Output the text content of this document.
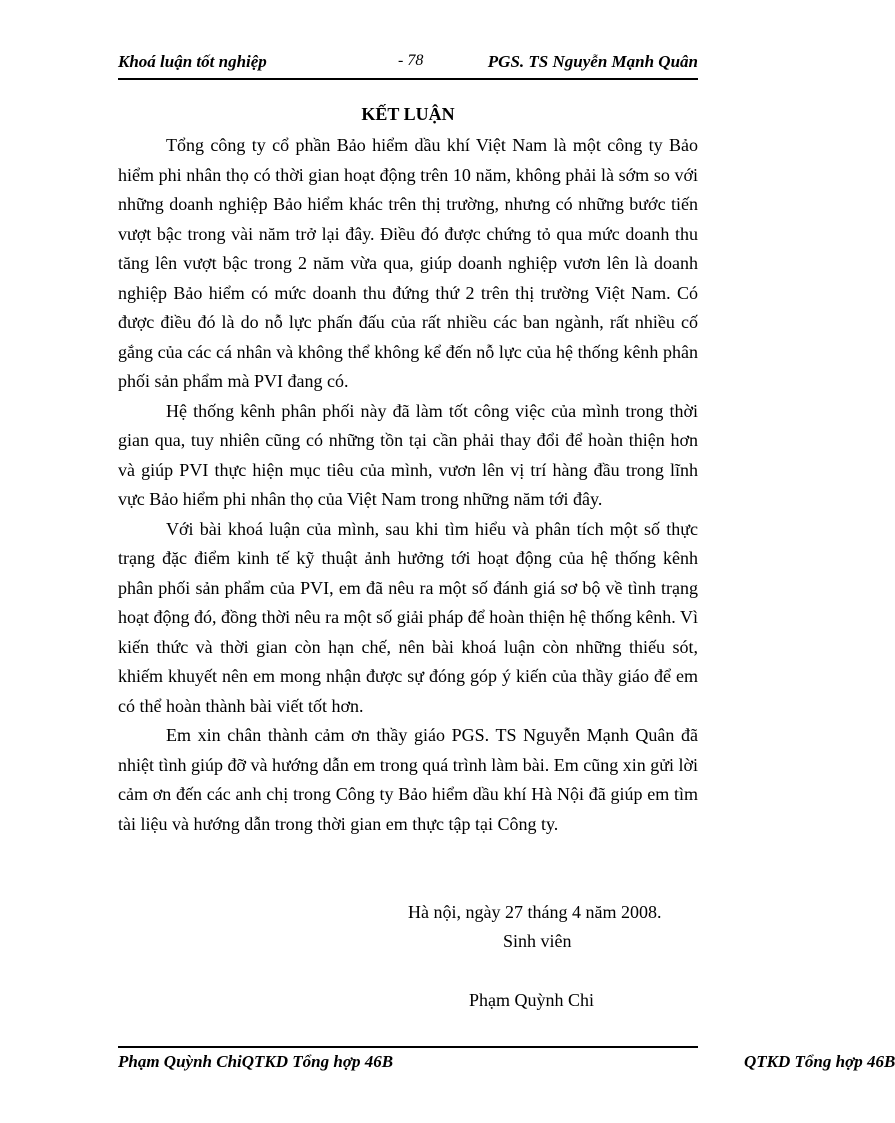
Khoá luận tốt nghiệp	- 78	PGS. TS Nguyễn Mạnh Quân
KẾT LUẬN

Tổng công ty cổ phần Bảo hiểm dầu khí Việt Nam là một công ty Bảo hiểm phi nhân thọ có thời gian hoạt động trên 10 năm, không phải là sớm so với những doanh nghiệp Bảo hiểm khác trên thị trường, nhưng có những bước tiến vượt bậc trong vài năm trở lại đây. Điều đó được chứng tỏ qua mức doanh thu tăng lên vượt bậc trong 2 năm vừa qua, giúp doanh nghiệp vươn lên là doanh nghiệp Bảo hiểm có mức doanh thu đứng thứ 2 trên thị trường Việt Nam. Có được điều đó là do nỗ lực phấn đấu của rất nhiều các ban ngành, rất nhiều cố gắng của các cá nhân và không thể không kể đến nỗ lực của hệ thống kênh phân phối sản phẩm mà PVI đang có.

Hệ thống kênh phân phối này đã làm tốt công việc của mình trong thời gian qua, tuy nhiên cũng có những tồn tại cần phải thay đổi để hoàn thiện hơn và giúp PVI thực hiện mục tiêu của mình, vươn lên vị trí hàng đầu trong lĩnh vực Bảo hiểm phi nhân thọ của Việt Nam trong những năm tới đây.

Với bài khoá luận của mình, sau khi tìm hiểu và phân tích một số thực trạng đặc điểm kinh tế kỹ thuật ảnh hưởng tới hoạt động của hệ thống kênh phân phối sản phẩm của PVI, em đã nêu ra một số đánh giá sơ bộ về tình trạng hoạt động đó, đồng thời nêu ra một số giải pháp để hoàn thiện hệ thống kênh. Vì kiến thức và thời gian còn hạn chế, nên bài khoá luận còn những thiếu sót, khiếm khuyết nên em mong nhận được sự đóng góp ý kiến của thầy giáo để em có thể hoàn thành bài viết tốt hơn.

Em xin chân thành cảm ơn thầy giáo PGS. TS Nguyễn Mạnh Quân đã nhiệt tình giúp đỡ và hướng dẫn em trong quá trình làm bài. Em cũng xin gửi lời cảm ơn đến các anh chị trong Công ty Bảo hiểm dầu khí Hà Nội đã giúp em tìm tài liệu và hướng dẫn trong thời gian em thực tập tại Công ty.

Hà nội, ngày 27 tháng 4 năm 2008.
Sinh viên
Phạm Quỳnh Chi
Phạm Quỳnh ChiQTKD Tổng hợp 46B	QTKD Tổng hợp 46B
